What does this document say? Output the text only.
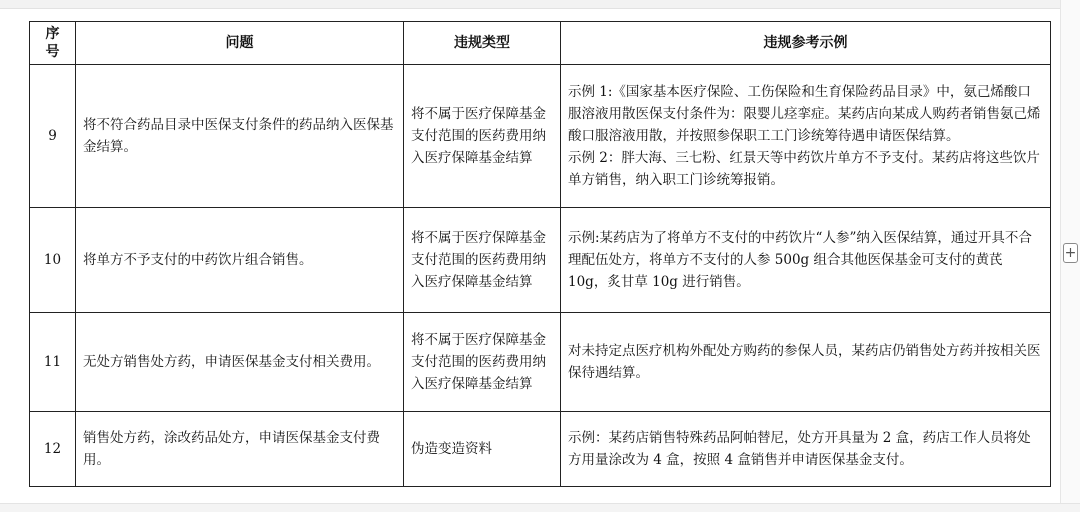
序号	问题	违规类型	违规参考示例
9	将不符合药品目录中医保支付条件的药品纳入医保基金结算。	将不属于医疗保障基金支付范围的医药费用纳入医疗保障基金结算	示例 1:《国家基本医疗保险、工伤保险和生育保险药品目录》中，氨己烯酸口服溶液用散医保支付条件为：限婴儿痉挛症。某药店向某成人购药者销售氨己烯酸口服溶液用散，并按照参保职工工门诊统筹待遇申请医保结算。

示例 2：胖大海、三七粉、红景天等中药饮片单方不予支付。某药店将这些饮片单方销售，纳入职工门诊统筹报销。

10	将单方不予支付的中药饮片组合销售。	将不属于医疗保障基金支付范围的医药费用纳入医疗保障基金结算	示例:某药店为了将单方不支付的中药饮片“人参”纳入医保结算，通过开具不合理配伍处方，将单方不支付的人参 500g 组合其他医保基金可支付的黄芪 10g，炙甘草 10g 进行销售。

11	无处方销售处方药，申请医保基金支付相关费用。	将不属于医疗保障基金支付范围的医药费用纳入医疗保障基金结算	对未持定点医疗机构外配处方购药的参保人员，某药店仍销售处方药并按相关医保待遇结算。

12	销售处方药，涂改药品处方，申请医保基金支付费用。	伪造变造资料	示例：某药店销售特殊药品阿帕替尼，处方开具量为 2 盒，药店工作人员将处方用量涂改为 4 盒，按照 4 盒销售并申请医保基金支付。

+
